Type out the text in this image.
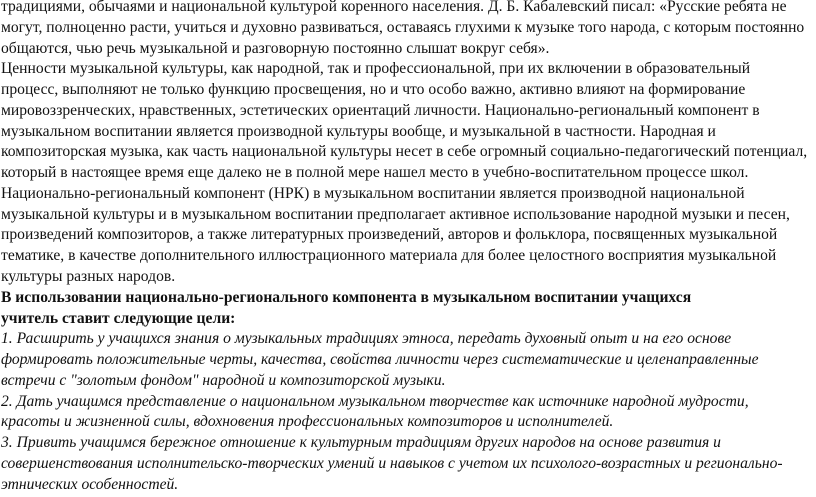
традициями, обычаями и национальной культурой коренного населения. Д. Б. Кабалевский писал: «Русские ребята не
могут, полноценно расти, учиться и духовно развиваться, оставаясь глухими к музыке того народа, с которым постоянно
общаются, чью речь музыкальной и разговорную постоянно слышат вокруг себя».
Ценности музыкальной культуры, как народной, так и профессиональной, при их включении в образовательный
процесс, выполняют не только функцию просвещения, но и что особо важно, активно влияют на формирование
мировоззренческих, нравственных, эстетических ориентаций личности. Национально-региональный компонент в
музыкальном воспитании является производной культуры вообще, и музыкальной в частности. Народная и
композиторская музыка, как часть национальной культуры несет в себе огромный социально-педагогический потенциал,
который в настоящее время еще далеко не в полной мере нашел место в учебно-воспитательном процессе школ.
Национально-региональный компонент (НРК) в музыкальном воспитании является производной национальной
музыкальной культуры и в музыкальном воспитании предполагает активное использование народной музыки и песен,
произведений композиторов, а также литературных произведений, авторов и фольклора, посвященных музыкальной
тематике, в качестве дополнительного иллюстрационного материала для более целостного восприятия музыкальной
культуры разных народов.
В использовании национально-регионального компонента в музыкальном воспитании учащихся
учитель ставит следующие цели:
1. Расширить у учащихся знания о музыкальных традициях этноса, передать духовный опыт и на его основе
формировать положительные черты, качества, свойства личности через систематические и целенаправленные
встречи с "золотым фондом" народной и композиторской музыки.
2. Дать учащимся представление о национальном музыкальном творчестве как источнике народной мудрости,
красоты и жизненной силы, вдохновения профессиональных композиторов и исполнителей.
3. Привить учащимся бережное отношение к культурным традициям других народов на основе развития и
совершенствования исполнительско-творческих умений и навыков с учетом их психолого-возрастных и регионально-
этнических особенностей.
